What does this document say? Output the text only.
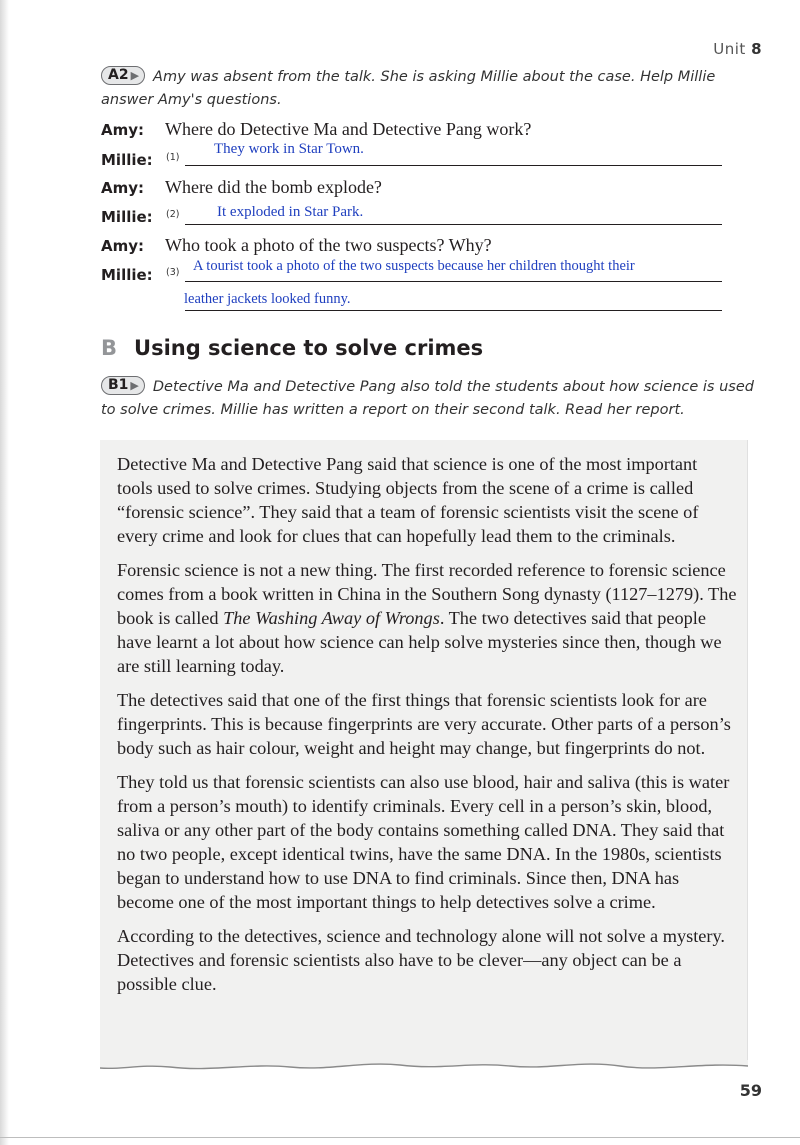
Unit 8
A2 ▶ Amy was absent from the talk. She is asking Millie about the case. Help Millie answer Amy's questions.
Amy: Where do Detective Ma and Detective Pang work?
Millie: (1)
They work in Star Town.
Amy: Where did the bomb explode?
Millie: (2)	It exploded in Star Park.
Amy: Who took a photo of the two suspects? Why?
Millie: (3) A tourist took a photo of the two suspects because her children thought their
leather jackets looked funny.
B Using science to solve crimes
B1 ▶ Detective Ma and Detective Pang also told the students about how science is used to solve crimes. Millie has written a report on their second talk. Read her report.

Detective Ma and Detective Pang said that science is one of the most important tools used to solve crimes. Studying objects from the scene of a crime is called “forensic science”. They said that a team of forensic scientists visit the scene of every crime and look for clues that can hopefully lead them to the criminals.

Forensic science is not a new thing. The first recorded reference to forensic science comes from a book written in China in the Southern Song dynasty (1127–1279). The book is called The Washing Away of Wrongs. The two detectives said that people have learnt a lot about how science can help solve mysteries since then, though we are still learning today.

The detectives said that one of the first things that forensic scientists look for are fingerprints. This is because fingerprints are very accurate. Other parts of a person’s body such as hair colour, weight and height may change, but fingerprints do not.

They told us that forensic scientists can also use blood, hair and saliva (this is water from a person’s mouth) to identify criminals. Every cell in a person’s skin, blood, saliva or any other part of the body contains something called DNA. They said that no two people, except identical twins, have the same DNA. In the 1980s, scientists began to understand how to use DNA to find criminals. Since then, DNA has become one of the most important things to help detectives solve a crime.

According to the detectives, science and technology alone will not solve a mystery. Detectives and forensic scientists also have to be clever—any object can be a possible clue.

59
